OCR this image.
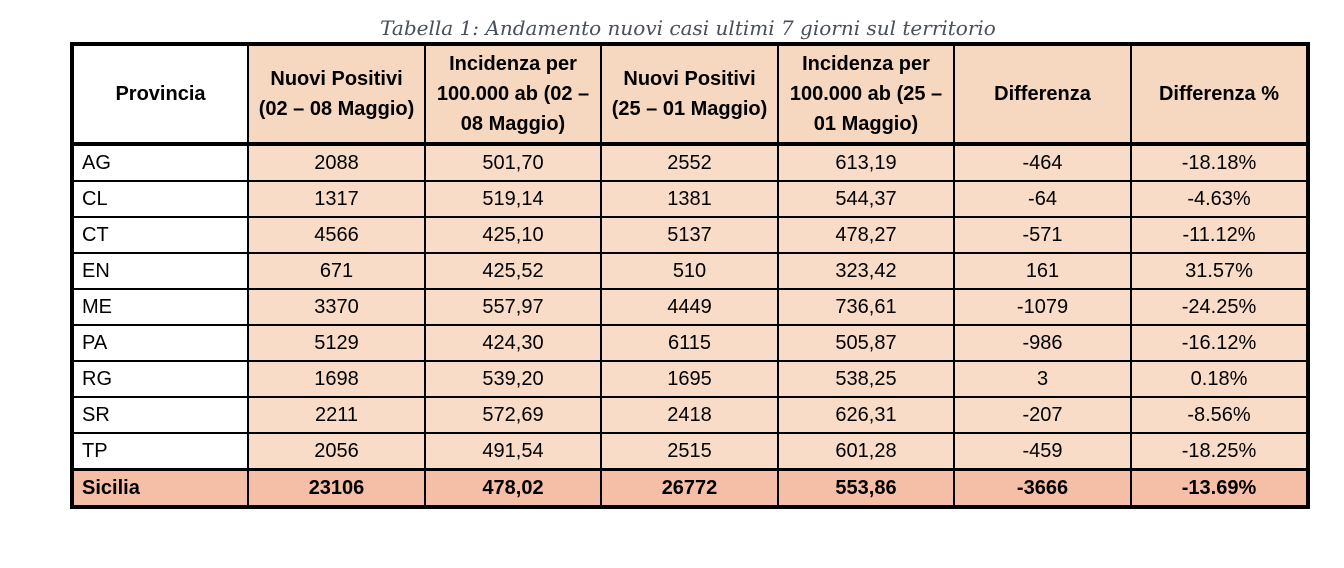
Tabella 1: Andamento nuovi casi ultimi 7 giorni sul territorio
Provincia	Nuovi Positivi (02 – 08 Maggio)	Incidenza per 100.000 ab (02 – 08 Maggio)	Nuovi Positivi (25 – 01 Maggio)	Incidenza per 100.000 ab (25 – 01 Maggio)	Differenza	Differenza %
AG	2088	501,70	2552	613,19	-464	-18.18%
CL	1317	519,14	1381	544,37	-64	-4.63%
CT	4566	425,10	5137	478,27	-571	-11.12%
EN	671	425,52	510	323,42	161	31.57%
ME	3370	557,97	4449	736,61	-1079	-24.25%
PA	5129	424,30	6115	505,87	-986	-16.12%
RG	1698	539,20	1695	538,25	3	0.18%
SR	2211	572,69	2418	626,31	-207	-8.56%
TP	2056	491,54	2515	601,28	-459	-18.25%
Sicilia	23106	478,02	26772	553,86	-3666	-13.69%
